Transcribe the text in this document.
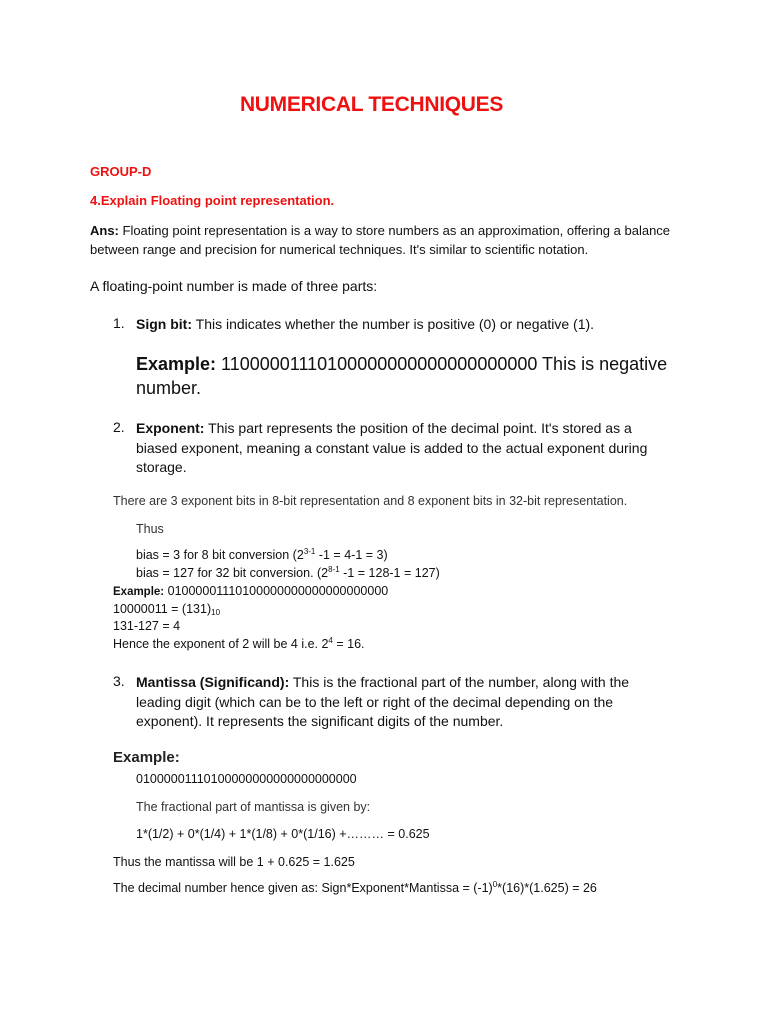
NUMERICAL TECHNIQUES
GROUP-D
4.Explain Floating point representation.
Ans: Floating point representation is a way to store numbers as an approximation, offering a balance between range and precision for numerical techniques. It's similar to scientific notation.
A floating-point number is made of three parts:
1. Sign bit: This indicates whether the number is positive (0) or negative (1).
Example: 11000001110100000000000000000000 This is negative number.
2. Exponent: This part represents the position of the decimal point. It's stored as a biased exponent, meaning a constant value is added to the actual exponent during storage.
There are 3 exponent bits in 8-bit representation and 8 exponent bits in 32-bit representation.
Thus
bias = 3 for 8 bit conversion (2$^{3-1}$ -1 = 4-1 = 3)
bias = 127 for 32 bit conversion. (2$^{8-1}$ -1 = 128-1 = 127)
Example: 01000001110100000000000000000000
$10000011 = (131)_{10}$
131-127 = 4
Hence the exponent of 2 will be 4 i.e. $2^4 = 16$.
3. Mantissa (Significand): This is the fractional part of the number, along with the leading digit (which can be to the left or right of the decimal depending on the exponent). It represents the significant digits of the number.
Example:
01000001110100000000000000000000
The fractional part of mantissa is given by:
1*(1/2) + 0*(1/4) + 1*(1/8) + 0*(1/16) +……… = 0.625
Thus the mantissa will be 1 + 0.625 = 1.625
The decimal number hence given as: Sign*Exponent*Mantissa = $(-1)^0*(16)*(1.625) = 26$
